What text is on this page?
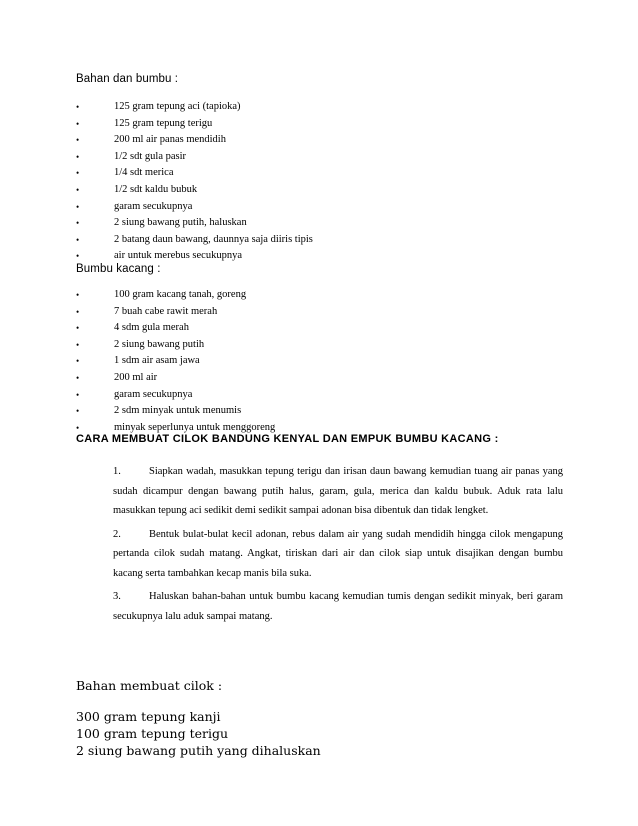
Bahan dan bumbu :
•	125 gram tepung aci (tapioka)
•	125 gram tepung terigu
•	200 ml air panas mendidih
•	1/2 sdt gula pasir
•	1/4 sdt merica
•	1/2 sdt kaldu bubuk
•	garam secukupnya
•	2 siung bawang putih, haluskan
•	2 batang daun bawang, daunnya saja diiris tipis
•	air untuk merebus secukupnya
Bumbu kacang :
•	100 gram kacang tanah, goreng
•	7 buah cabe rawit merah
•	4 sdm gula merah
•	2 siung bawang putih
•	1 sdm air asam jawa
•	200 ml air
•	garam secukupnya
•	2 sdm minyak untuk menumis
•	minyak seperlunya untuk menggoreng
CARA MEMBUAT CILOK BANDUNG KENYAL DAN EMPUK BUMBU KACANG :
1.	Siapkan wadah, masukkan tepung terigu dan irisan daun bawang kemudian tuang air panas yang sudah dicampur dengan bawang putih halus, garam, gula, merica dan kaldu bubuk. Aduk rata lalu masukkan tepung aci sedikit demi sedikit sampai adonan bisa dibentuk dan tidak lengket.
2.	Bentuk bulat-bulat kecil adonan, rebus dalam air yang sudah mendidih hingga cilok mengapung pertanda cilok sudah matang. Angkat, tiriskan dari air dan cilok siap untuk disajikan dengan bumbu kacang serta tambahkan kecap manis bila suka.
3.	Haluskan bahan-bahan untuk bumbu kacang kemudian tumis dengan sedikit minyak, beri garam secukupnya lalu aduk sampai matang.
Bahan membuat cilok :
300 gram tepung kanji
100 gram tepung terigu
2 siung bawang putih yang dihaluskan
